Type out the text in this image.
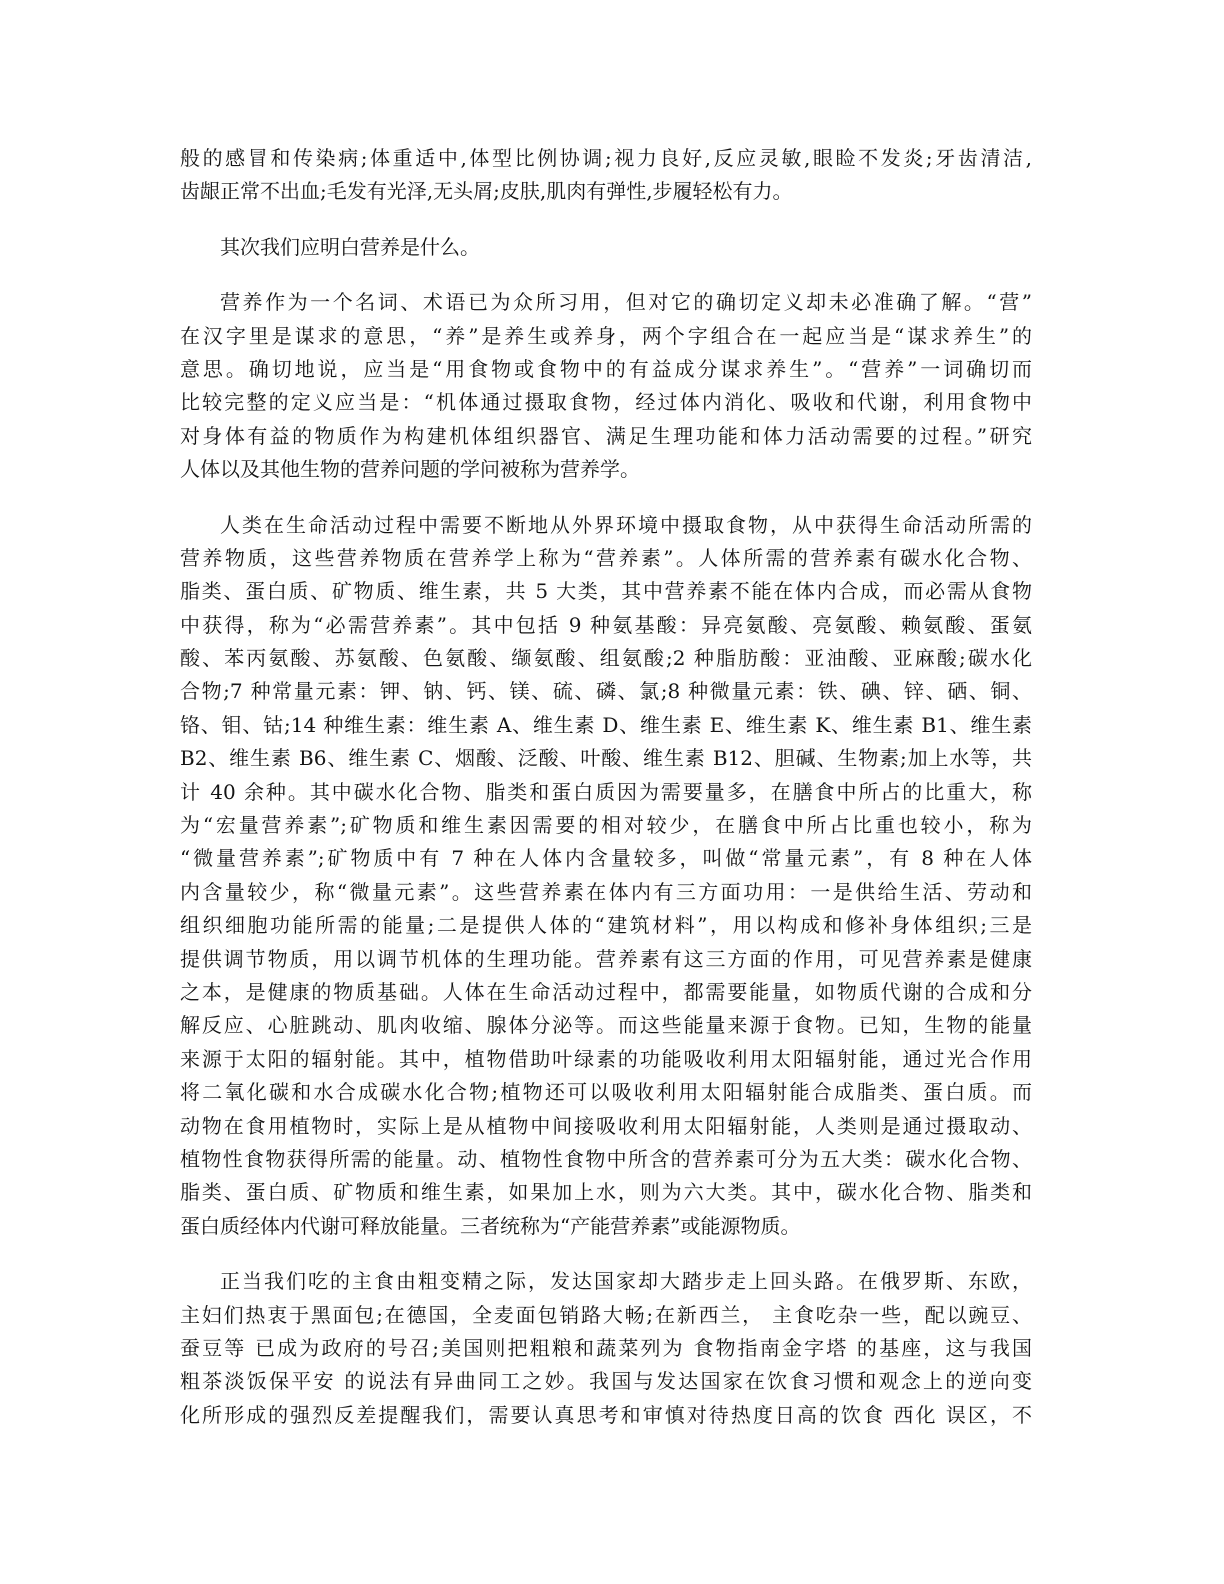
般的感冒和传染病;体重适中,体型比例协调;视力良好,反应灵敏,眼睑不发炎;牙齿清洁,
齿龈正常不出血;毛发有光泽,无头屑;皮肤,肌肉有弹性,步履轻松有力。
其次我们应明白营养是什么。
营养作为一个名词、术语已为众所习用，但对它的确切定义却未必准确了解。“营”
在汉字里是谋求的意思，“养”是养生或养身，两个字组合在一起应当是“谋求养生”的
意思。确切地说，应当是“用食物或食物中的有益成分谋求养生”。“营养”一词确切而
比较完整的定义应当是：“机体通过摄取食物，经过体内消化、吸收和代谢，利用食物中
对身体有益的物质作为构建机体组织器官、满足生理功能和体力活动需要的过程。”研究
人体以及其他生物的营养问题的学问被称为营养学。
人类在生命活动过程中需要不断地从外界环境中摄取食物，从中获得生命活动所需的
营养物质，这些营养物质在营养学上称为“营养素”。人体所需的营养素有碳水化合物、
脂类、蛋白质、矿物质、维生素，共 5 大类，其中营养素不能在体内合成，而必需从食物
中获得，称为“必需营养素”。其中包括 9 种氨基酸：异亮氨酸、亮氨酸、赖氨酸、蛋氨
酸、苯丙氨酸、苏氨酸、色氨酸、缬氨酸、组氨酸;2 种脂肪酸：亚油酸、亚麻酸;碳水化
合物;7 种常量元素：钾、钠、钙、镁、硫、磷、氯;8 种微量元素：铁、碘、锌、硒、铜、
铬、钼、钴;14 种维生素：维生素 A、维生素 D、维生素 E、维生素 K、维生素 B1、维生素
B2、维生素 B6、维生素 C、烟酸、泛酸、叶酸、维生素 B12、胆碱、生物素;加上水等，共
计 40 余种。其中碳水化合物、脂类和蛋白质因为需要量多，在膳食中所占的比重大，称
为“宏量营养素”;矿物质和维生素因需要的相对较少，在膳食中所占比重也较小，称为
“微量营养素”;矿物质中有 7 种在人体内含量较多，叫做“常量元素”，有 8 种在人体
内含量较少，称“微量元素”。这些营养素在体内有三方面功用：一是供给生活、劳动和
组织细胞功能所需的能量;二是提供人体的“建筑材料”，用以构成和修补身体组织;三是
提供调节物质，用以调节机体的生理功能。营养素有这三方面的作用，可见营养素是健康
之本，是健康的物质基础。人体在生命活动过程中，都需要能量，如物质代谢的合成和分
解反应、心脏跳动、肌肉收缩、腺体分泌等。而这些能量来源于食物。已知，生物的能量
来源于太阳的辐射能。其中，植物借助叶绿素的功能吸收利用太阳辐射能，通过光合作用
将二氧化碳和水合成碳水化合物;植物还可以吸收利用太阳辐射能合成脂类、蛋白质。而
动物在食用植物时，实际上是从植物中间接吸收利用太阳辐射能，人类则是通过摄取动、
植物性食物获得所需的能量。动、植物性食物中所含的营养素可分为五大类：碳水化合物、
脂类、蛋白质、矿物质和维生素，如果加上水，则为六大类。其中，碳水化合物、脂类和
蛋白质经体内代谢可释放能量。三者统称为“产能营养素”或能源物质。
正当我们吃的主食由粗变精之际，发达国家却大踏步走上回头路。在俄罗斯、东欧，
主妇们热衷于黑面包;在德国，全麦面包销路大畅;在新西兰， 主食吃杂一些，配以豌豆、
蚕豆等 已成为政府的号召;美国则把粗粮和蔬菜列为 食物指南金字塔 的基座，这与我国
粗茶淡饭保平安 的说法有异曲同工之妙。我国与发达国家在饮食习惯和观念上的逆向变
化所形成的强烈反差提醒我们，需要认真思考和审慎对待热度日高的饮食 西化 误区，不
